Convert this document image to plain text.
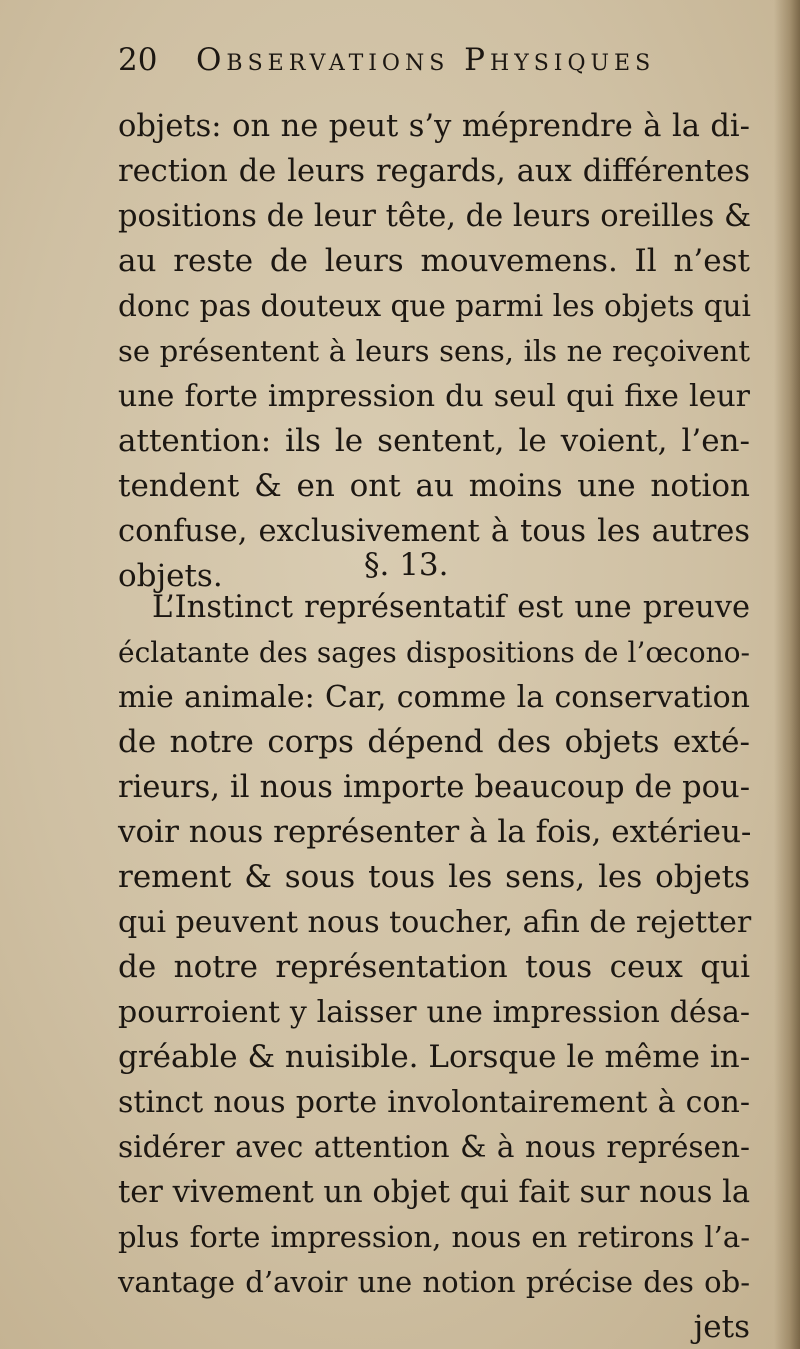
20 Observations Physiques
objets: on ne peut s’y méprendre à la di-
rection de leurs regards, aux différentes
positions de leur tête, de leurs oreilles &
au reste de leurs mouvemens. Il n’est
donc pas douteux que parmi les objets qui
se présentent à leurs sens, ils ne reçoivent
une forte impression du seul qui fixe leur
attention: ils le sentent, le voient, l’en-
tendent & en ont au moins une notion
confuse, exclusivement à tous les autres
objets.	§. 13.
L’Instinct représentatif est une preuve
éclatante des sages dispositions de l’œcono-
mie animale: Car, comme la conservation
de notre corps dépend des objets exté-
rieurs, il nous importe beaucoup de pou-
voir nous représenter à la fois, extérieu-
rement & sous tous les sens, les objets
qui peuvent nous toucher, afin de rejetter
de notre représentation tous ceux qui
pourroient y laisser une impression désa-
gréable & nuisible. Lorsque le même in-
stinct nous porte involontairement à con-
sidérer avec attention & à nous représen-
ter vivement un objet qui fait sur nous la
plus forte impression, nous en retirons l’a-
vantage d’avoir une notion précise des ob-
jets
